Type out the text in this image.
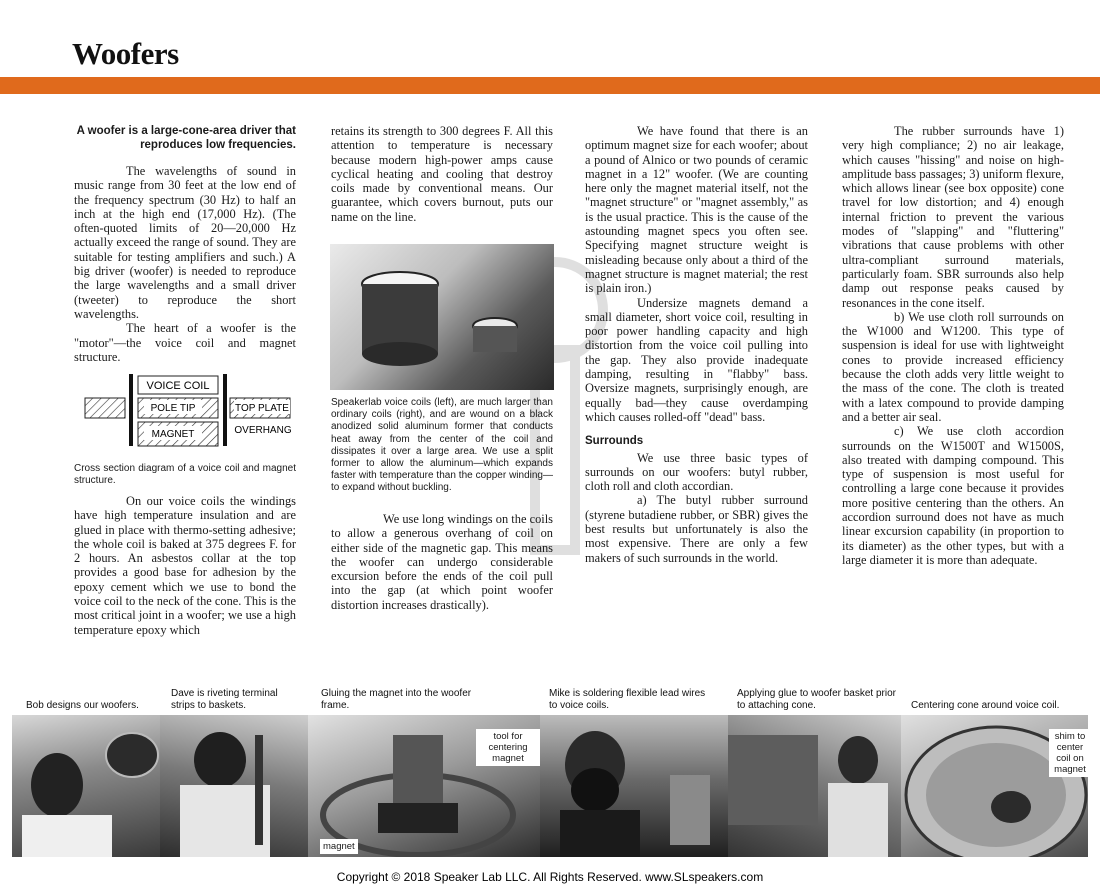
Woofers

A woofer is a large-cone-area driver that reproduces low frequencies.

The wavelengths of sound in music range from 30 feet at the low end of the frequency spectrum (30 Hz) to half an inch at the high end (17,000 Hz). (The often-quoted limits of 20—20,000 Hz actually exceed the range of sound. They are suitable for testing amplifiers and such.) A big driver (woofer) is needed to reproduce the large wavelengths and a small driver (tweeter) to reproduce the short wavelengths.

The heart of a woofer is the "motor"—the voice coil and magnet structure.

VOICE COIL
POLE TIP	TOP PLATE
MAGNET	OVERHANG
Cross section diagram of a voice coil and magnet structure.

On our voice coils the windings have high temperature insulation and are glued in place with thermo-setting adhesive; the whole coil is baked at 375 degrees F. for 2 hours. An asbestos collar at the top provides a good base for adhesion by the epoxy cement which we use to bond the voice coil to the neck of the cone. This is the most critical joint in a woofer; we use a high temperature epoxy which

retains its strength to 300 degrees F. All this attention to temperature is necessary because modern high-power amps cause cyclical heating and cooling that destroy coils made by conventional means. Our guarantee, which covers burnout, puts our name on the line.

Speakerlab voice coils (left), are much larger than ordinary coils (right), and are wound on a black anodized solid aluminum former that conducts heat away from the center of the coil and dissipates it over a large area. We use a split former to allow the aluminum—which expands faster with temperature than the copper winding—to expand without buckling.

We use long windings on the coils to allow a generous overhang of coil on either side of the magnetic gap. This means the woofer can undergo considerable excursion before the ends of the coil pull into the gap (at which point woofer distortion increases drastically).

We have found that there is an optimum magnet size for each woofer; about a pound of Alnico or two pounds of ceramic magnet in a 12" woofer. (We are counting here only the magnet material itself, not the "magnet structure" or "magnet assembly," as is the usual practice. This is the cause of the astounding magnet specs you often see. Specifying magnet structure weight is misleading because only about a third of the magnet structure is magnet material; the rest is plain iron.)

Undersize magnets demand a small diameter, short voice coil, resulting in poor power handling capacity and high distortion from the voice coil pulling into the gap. They also provide inadequate damping, resulting in "flabby" bass. Oversize magnets, surprisingly enough, are equally bad—they cause overdamping which causes rolled-off "dead" bass.

Surrounds

We use three basic types of surrounds on our woofers: butyl rubber, cloth roll and cloth accordian.

a) The butyl rubber surround (styrene butadiene rubber, or SBR) gives the best results but unfortunately is also the most expensive. There are only a few makers of such surrounds in the world.

The rubber surrounds have 1) very high compliance; 2) no air leakage, which causes "hissing" and noise on high-amplitude bass passages; 3) uniform flexure, which allows linear (see box opposite) cone travel for low distortion; and 4) enough internal friction to prevent the various modes of "slapping" and "fluttering" vibrations that cause problems with other ultra-compliant surround materials, particularly foam. SBR surrounds also help damp out response peaks caused by resonances in the cone itself.

b) We use cloth roll surrounds on the W1000 and W1200. This type of suspension is ideal for use with lightweight cones to provide increased efficiency because the cloth adds very little weight to the mass of the cone. The cloth is treated with a latex compound to provide damping and a better air seal.

c) We use cloth accordion surrounds on the W1500T and W1500S, also treated with damping compound. This type of suspension is most useful for controlling a large cone because it provides more positive centering than the others. An accordion surround does not have as much linear excursion capability (in proportion to its diameter) as the other types, but with a large diameter it is more than adequate.

Bob designs our woofers.
Dave is riveting terminal strips to baskets.
Gluing the magnet into the woofer frame.
Mike is soldering flexible lead wires to voice coils.
Applying glue to woofer basket prior to attaching cone.	Centering cone around voice coil.
tool for centering magnet
magnet
shim to center coil on magnet
Copyright © 2018 Speaker Lab LLC. All Rights Reserved. www.SLspeakers.com
